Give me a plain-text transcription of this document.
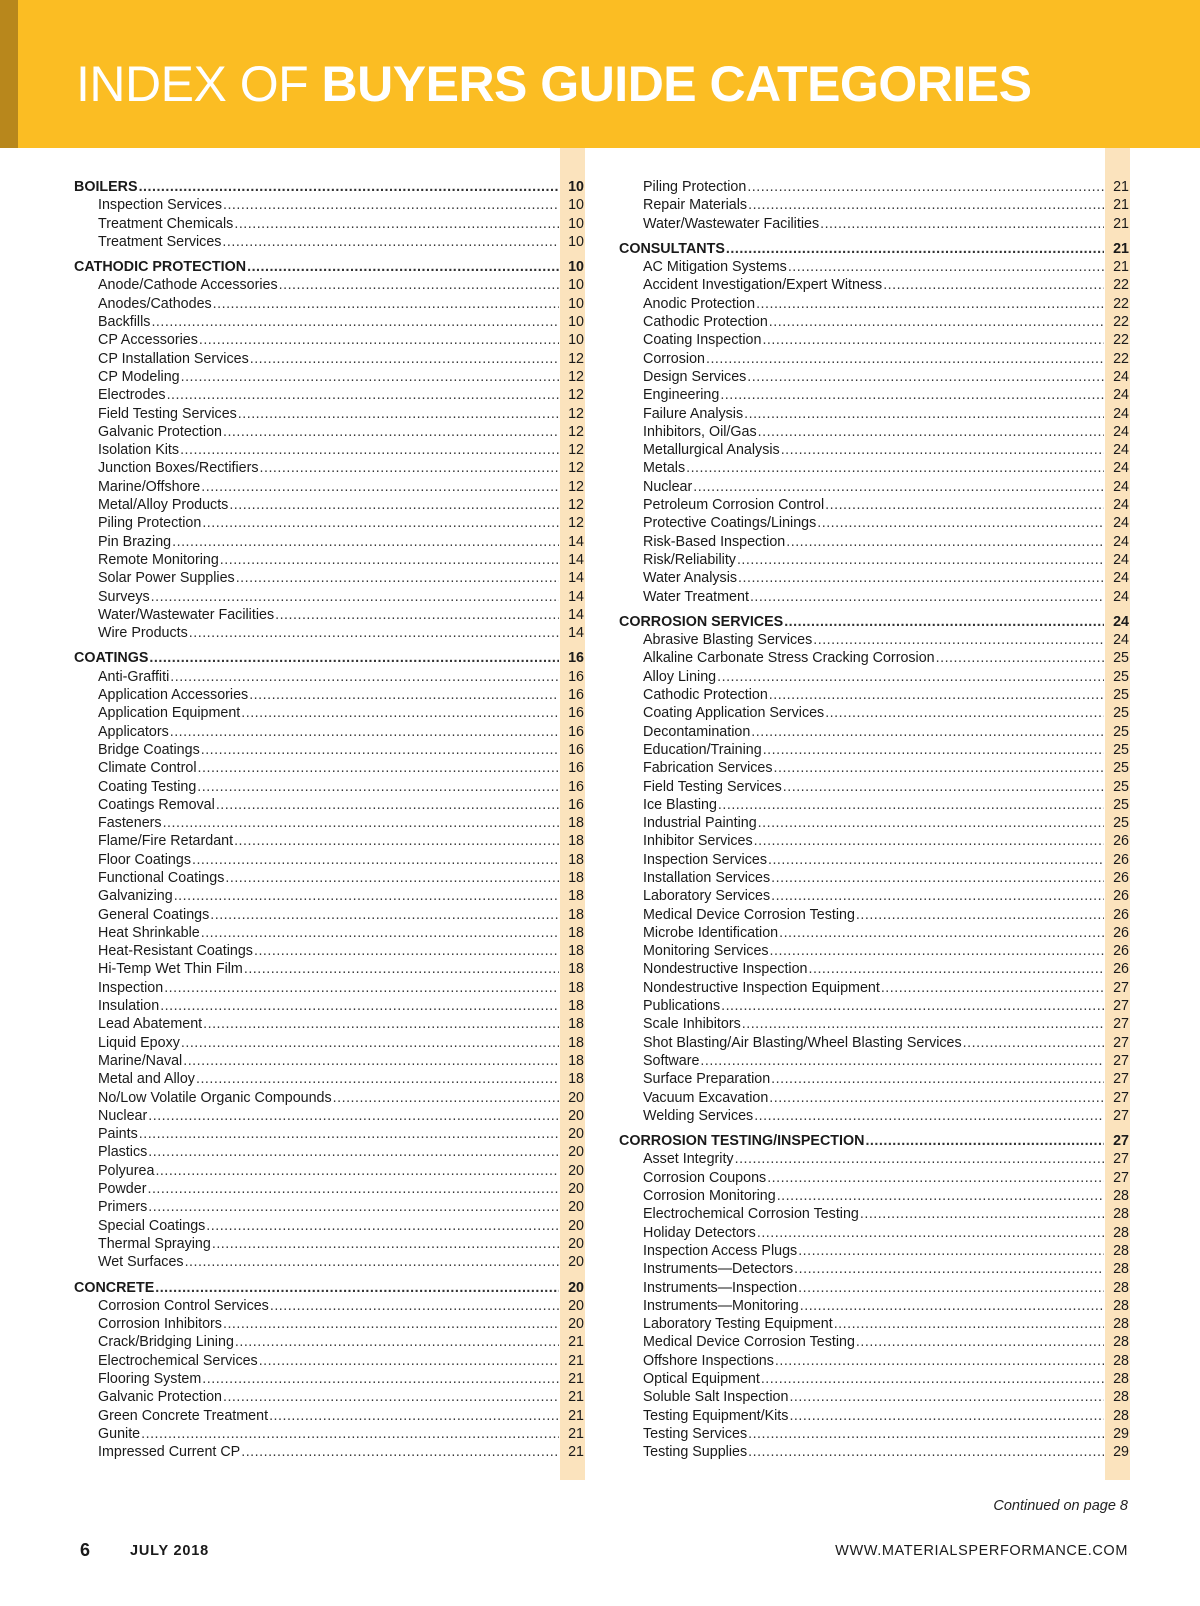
INDEX OF BUYERS GUIDE CATEGORIES
BOILERS .....	10
Inspection Services .....	10
Treatment Chemicals .....	10
Treatment Services .....	10
CATHODIC PROTECTION .....	10
Anode/Cathode Accessories .....	10
Anodes/Cathodes .....	10
Backfills .....	10
CP Accessories .....	10
CP Installation Services .....	12
CP Modeling .....	12
Electrodes .....	12
Field Testing Services .....	12
Galvanic Protection .....	12
Isolation Kits .....	12
Junction Boxes/Rectifiers .....	12
Marine/Offshore .....	12
Metal/Alloy Products .....	12
Piling Protection .....	12
Pin Brazing .....	14
Remote Monitoring .....	14
Solar Power Supplies .....	14
Surveys .....	14
Water/Wastewater Facilities .....	14
Wire Products .....	14
COATINGS .....	16
Anti-Graffiti .....	16
Application Accessories .....	16
Application Equipment .....	16
Applicators .....	16
Bridge Coatings .....	16
Climate Control .....	16
Coating Testing .....	16
Coatings Removal .....	16
Fasteners .....	18
Flame/Fire Retardant .....	18
Floor Coatings .....	18
Functional Coatings .....	18
Galvanizing .....	18
General Coatings .....	18
Heat Shrinkable .....	18
Heat-Resistant Coatings .....	18
Hi-Temp Wet Thin Film .....	18
Inspection .....	18
Insulation .....	18
Lead Abatement .....	18
Liquid Epoxy .....	18
Marine/Naval .....	18
Metal and Alloy .....	18
No/Low Volatile Organic Compounds .....	20
Nuclear .....	20
Paints .....	20
Plastics .....	20
Polyurea .....	20
Powder .....	20
Primers .....	20
Special Coatings .....	20
Thermal Spraying .....	20
Wet Surfaces .....	20
CONCRETE .....	20
Corrosion Control Services .....	20
Corrosion Inhibitors .....	20
Crack/Bridging Lining .....	21
Electrochemical Services .....	21
Flooring System .....	21
Galvanic Protection .....	21
Green Concrete Treatment .....	21
Gunite .....	21
Impressed Current CP .....	21
Piling Protection .....	21
Repair Materials .....	21
Water/Wastewater Facilities .....	21
CONSULTANTS .....	21
AC Mitigation Systems .....	21
Accident Investigation/Expert Witness .....	22
Anodic Protection .....	22
Cathodic Protection .....	22
Coating Inspection .....	22
Corrosion .....	22
Design Services .....	24
Engineering .....	24
Failure Analysis .....	24
Inhibitors, Oil/Gas .....	24
Metallurgical Analysis .....	24
Metals .....	24
Nuclear .....	24
Petroleum Corrosion Control .....	24
Protective Coatings/Linings .....	24
Risk-Based Inspection .....	24
Risk/Reliability .....	24
Water Analysis .....	24
Water Treatment .....	24
CORROSION SERVICES .....	24
Abrasive Blasting Services .....	24
Alkaline Carbonate Stress Cracking Corrosion .....	25
Alloy Lining .....	25
Cathodic Protection .....	25
Coating Application Services .....	25
Decontamination .....	25
Education/Training .....	25
Fabrication Services .....	25
Field Testing Services .....	25
Ice Blasting .....	25
Industrial Painting .....	25
Inhibitor Services .....	26
Inspection Services .....	26
Installation Services .....	26
Laboratory Services .....	26
Medical Device Corrosion Testing .....	26
Microbe Identification .....	26
Monitoring Services .....	26
Nondestructive Inspection .....	26
Nondestructive Inspection Equipment .....	27
Publications .....	27
Scale Inhibitors .....	27
Shot Blasting/Air Blasting/Wheel Blasting Services .....	27
Software .....	27
Surface Preparation .....	27
Vacuum Excavation .....	27
Welding Services .....	27
CORROSION TESTING/INSPECTION .....	27
Asset Integrity .....	27
Corrosion Coupons .....	27
Corrosion Monitoring .....	28
Electrochemical Corrosion Testing .....	28
Holiday Detectors .....	28
Inspection Access Plugs .....	28
Instruments—Detectors .....	28
Instruments—Inspection .....	28
Instruments—Monitoring .....	28
Laboratory Testing Equipment .....	28
Medical Device Corrosion Testing .....	28
Offshore Inspections .....	28
Optical Equipment .....	28
Soluble Salt Inspection .....	28
Testing Equipment/Kits .....	28
Testing Services .....	29
Testing Supplies .....	29
Continued on page 8
6	JULY 2018	WWW.MATERIALSPERFORMANCE.COM
